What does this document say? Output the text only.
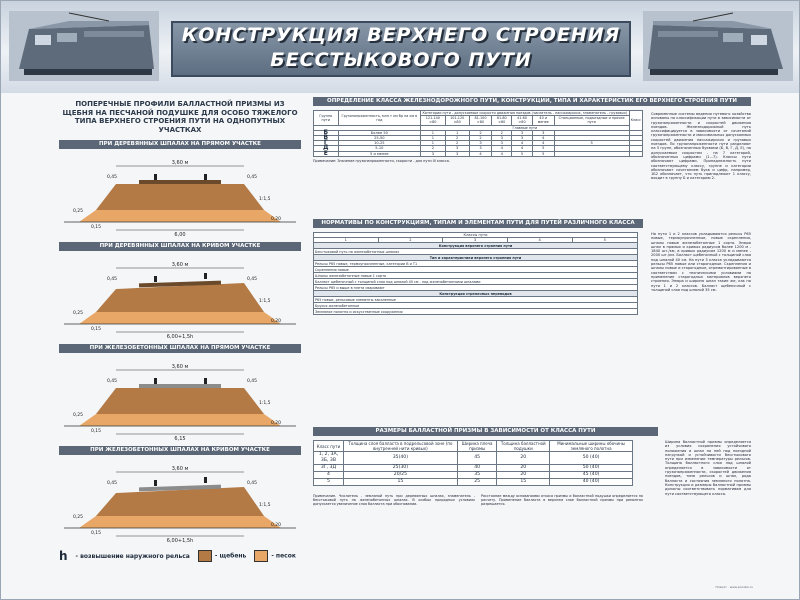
КОНСТРУКЦИЯ ВЕРХНЕГО СТРОЕНИЯ
БЕССТЫКОВОГО ПУТИ
ПОПЕРЕЧНЫЕ ПРОФИЛИ БАЛЛАСТНОЙ ПРИЗМЫ ИЗ ЩЕБНЯ НА ПЕСЧАНОЙ ПОДУШКЕ ДЛЯ ОСОБО ТЯЖЕЛОГО ТИПА ВЕРХНЕГО СТРОЕНИЯ ПУТИ НА ОДНОПУТНЫХ УЧАСТКАХ
ПРИ ДЕРЕВЯННЫХ ШПАЛАХ НА ПРЯМОМ УЧАСТКЕ
3,60 м
0,45	0,45
0,25
0,15
6,00
1:1,5
0,20
ПРИ ДЕРЕВЯННЫХ ШПАЛАХ НА КРИВОМ УЧАСТКЕ
3,60 м
0,45	0,45
0,25
0,15
6,00+1,5h
1:1,5
0,20
ПРИ ЖЕЛЕЗОБЕТОННЫХ ШПАЛАХ НА ПРЯМОМ УЧАСТКЕ
3,60 м
0,45	0,45
0,25
0,15
6,15
1:1,5
0,20
ПРИ ЖЕЛЕЗОБЕТОННЫХ ШПАЛАХ НА КРИВОМ УЧАСТКЕ
3,60 м
0,45	0,45
0,25
0,15
6,00+1,5h
1:1,5
0,20
h - возвышение наружного рельса	- щебень	- песок
ОПРЕДЕЛЕНИЕ КЛАССА ЖЕЛЕЗНОДОРОЖНОГО ПУТИ, КОНСТРУКЦИИ, ТИПА И ХАРАКТЕРИСТИК ЕГО ВЕРХНЕГО СТРОЕНИЯ ПУТИ
Группа пути	Грузонапряженность, млн т км бр на км в год	Категории пути - допускаемые скорости движения поездов (числитель - пассажирских, знаменатель - грузовых)							Класс
		121-140 >80	101-120 >80	81-100 >80	61-80 >80	41-60 >80	40 и менее	Станционные, подъездные и прочие пути	
		Главные пути							
Б	Более 50	1	1	2	2	3	3		
В	25-50	1	2	2	3	3	4		
Г	10-25	1	2	3	3	4	4	5	
Д	5-10	2	3	3	4	4	5		
Е	5 и менее	3	3	4	4	5	5		
Примечание: Значение грузонапряженности, скорости - для пути III класса.
Современные системы ведения путевого хозяйства основаны на классификации пути в зависимости от грузонапряженности и скоростей движения поездов. Железнодорожный путь классифицируется в зависимости от сочетаний грузонапряженности и максимальных допускаемых скоростей движения пассажирских и грузовых поездов. По грузонапряженности пути разделяют на 5 групп, обозначенных буквами (Б, В, Г, Д, Е), по допускаемым скоростям - на 7 категорий, обозначенных цифрами (1...7). Классы пути обозначают цифрами. Принадлежность пути соответствующему классу, группе и категории обозначают сочетанием букв и цифр, например, 1Б2 обозначает, что путь принадлежит 1 классу, входит в группу Б и категорию 2.
НОРМАТИВЫ ПО КОНСТРУКЦИЯМ, ТИПАМ И ЭЛЕМЕНТАМ ПУТИ ДЛЯ ПУТЕЙ РАЗЛИЧНОГО КЛАССА
Классы пути
1	2	3	4	5
Конструкция верхнего строения пути
Бесстыковой путь на железобетонных шпалах
Тип и характеристики верхнего строения пути
Рельсы Р65 новые, термоупрочненные, категории В и Т1
Скрепления новые
Шпалы железобетонные новые 1 сорта
Балласт щебеночный с толщиной слоя под шпалой 40 см - под железобетонными шпалами
Рельсы Р65 и выше в плети сваривают
Конструкция стрелочных переводов
Р65 новые, рельсовые элементы закаленные
Брусья железобетонные
Земляное полотно и искусственные сооружения
На пути 1 и 2 классов укладываются рельсы Р65 новые, термоупрочненные, новые скрепления, шпалы новые железобетонные 1 сорта. Эпюра шпал в прямых и кривых радиусом более 1200 м - 1840 шт./км, в кривых радиусом 1200 м и менее - 2000 шт./км. Балласт щебеночный с толщиной слоя под шпалой 40 см. На пути 3 класса укладываются рельсы Р65 новые или старогодные. Скрепления и шпалы новые и старогодные, отремонтированные в соответствии с техническими условиями на применение старогодных материалов верхнего строения. Эпюра и ширина шпал такие же, как на пути 1 и 2 классов. Балласт щебеночный с толщиной слоя под шпалой 35 см.
РАЗМЕРЫ БАЛЛАСТНОЙ ПРИЗМЫ В ЗАВИСИМОСТИ ОТ КЛАССА ПУТИ
Класс пути	Толщина слоя балласта в подрельсовой зоне (по внутренней нити кривых)	Ширина плеча призмы	Толщина балластной подушки	Минимальные ширины обочины земляного полотна
1, 2, 3А, 3Б, 3В	35(40)	45	20	50 (40)
3Г, 3Д	25(30)	40	20	50 (40)
4	20/25	35	20	45 (40)
5	15	25	15	40 (40)
Примечание. Числитель - земляной путь при деревянных шпалах, знаменатель - бесстыковой путь на железобетонных шпалах. В особых природных условиях допускается увеличение слоя балласта при обосновании.
Расстояние между основаниями откоса призмы и балластной подушки определяется по расчету. Применение балласта в верхнем слое балластной призмы при ремонтах разрешается.
Ширина балластной призмы определяется из условия сохранения устойчивого положения и шпал на ней под поездной нагрузкой и устойчивости бесстыкового пути при изменении температуры рельсов. Толщина балластного слоя под шпалой определяется в зависимости от грузонапряженности, скоростей движения поездов, типа рельсов и шпал, рода балласта и состояния земляного полотна. Конструкция и размеры балластной призмы должны соответствовать нормативам для пути соответствующего класса.
Плакат · www.pooster.ru
